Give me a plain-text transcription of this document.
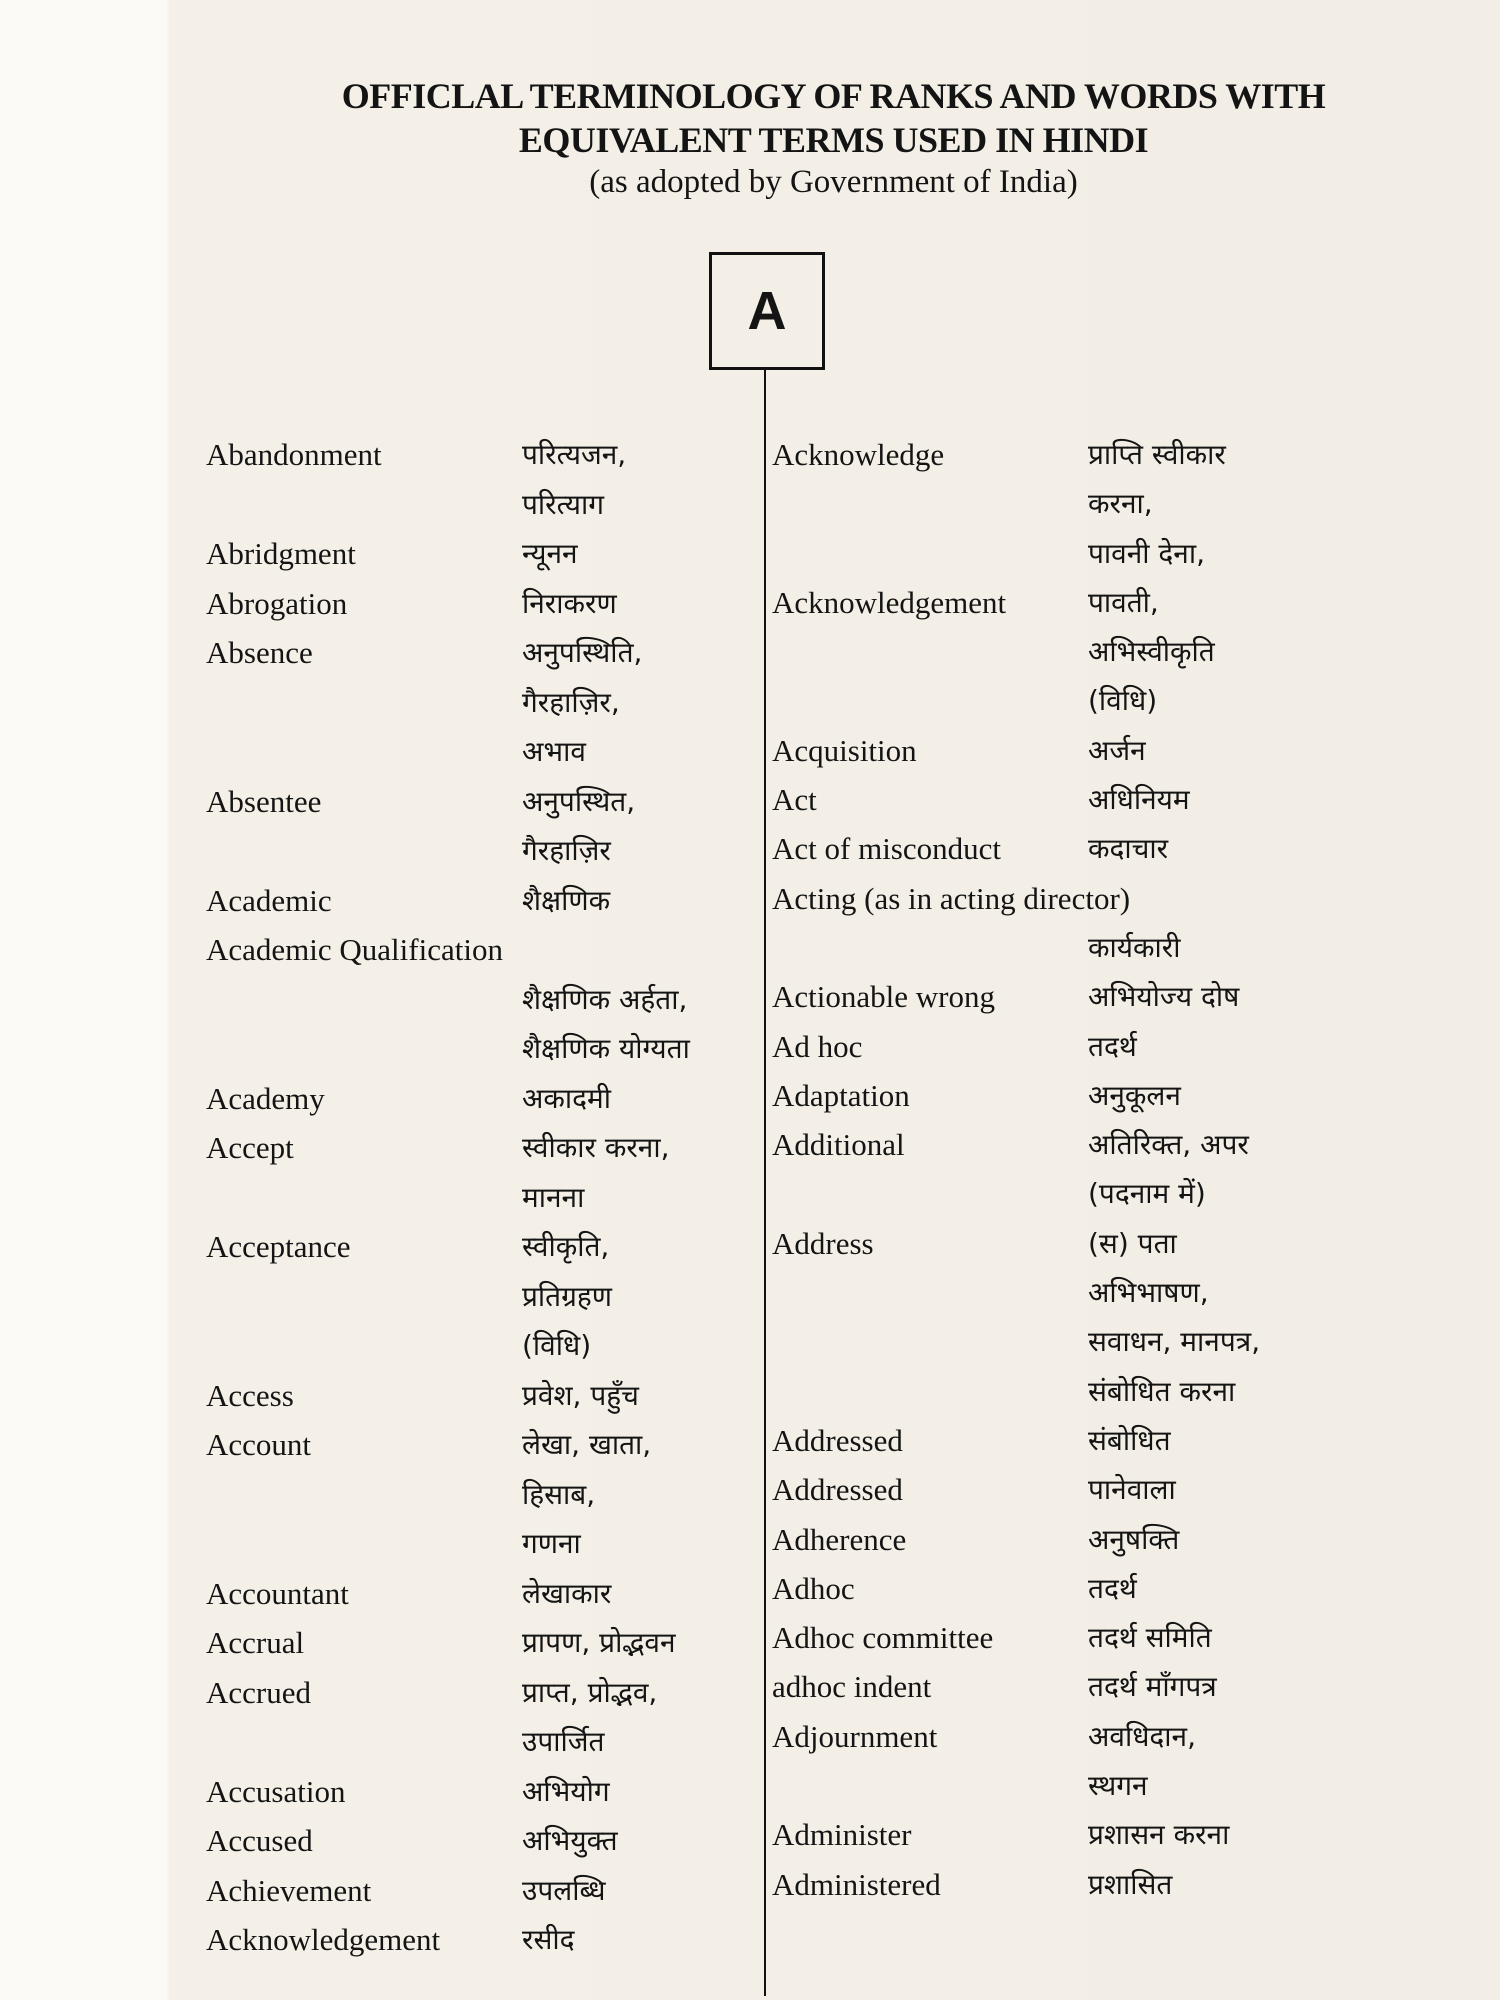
OFFICLAL TERMINOLOGY OF RANKS AND WORDS WITH
EQUIVALENT TERMS USED IN HINDI
(as adopted by Government of India)
A
Abandonment	परित्यजन,
परित्याग
Abridgment	न्यूनन
Abrogation	निराकरण
Absence	अनुपस्थिति,
गैरहाज़िर,
अभाव
Absentee	अनुपस्थित,
गैरहाज़िर
Academic	शैक्षणिक
Academic Qualification
शैक्षणिक अर्हता,
शैक्षणिक योग्यता
Academy	अकादमी
Accept	स्वीकार करना,
मानना
Acceptance	स्वीकृति,
प्रतिग्रहण
(विधि)
Access	प्रवेश, पहुँच
Account	लेखा, खाता,
हिसाब,
गणना
Accountant	लेखाकार
Accrual	प्रापण, प्रोद्भवन
Accrued	प्राप्त, प्रोद्भव,
उपार्जित
Accusation	अभियोग
Accused	अभियुक्त
Achievement	उपलब्धि
Acknowledgement	रसीद
Acknowledge	प्राप्ति स्वीकार
करना,
पावनी देना,
Acknowledgement	पावती,
अभिस्वीकृति
(विधि)
Acquisition	अर्जन
Act	अधिनियम
Act of misconduct	कदाचार
Acting (as in acting director)
कार्यकारी
Actionable wrong	अभियोज्य दोष
Ad hoc	तदर्थ
Adaptation	अनुकूलन
Additional	अतिरिक्त, अपर
(पदनाम में)
Address	(स) पता
अभिभाषण,
सवाधन, मानपत्र,
संबोधित करना
Addressed	संबोधित
Addressed	पानेवाला
Adherence	अनुषक्ति
Adhoc	तदर्थ
Adhoc committee	तदर्थ समिति
adhoc indent	तदर्थ माँगपत्र
Adjournment	अवधिदान,
स्थगन
Administer	प्रशासन करना
Administered	प्रशासित
